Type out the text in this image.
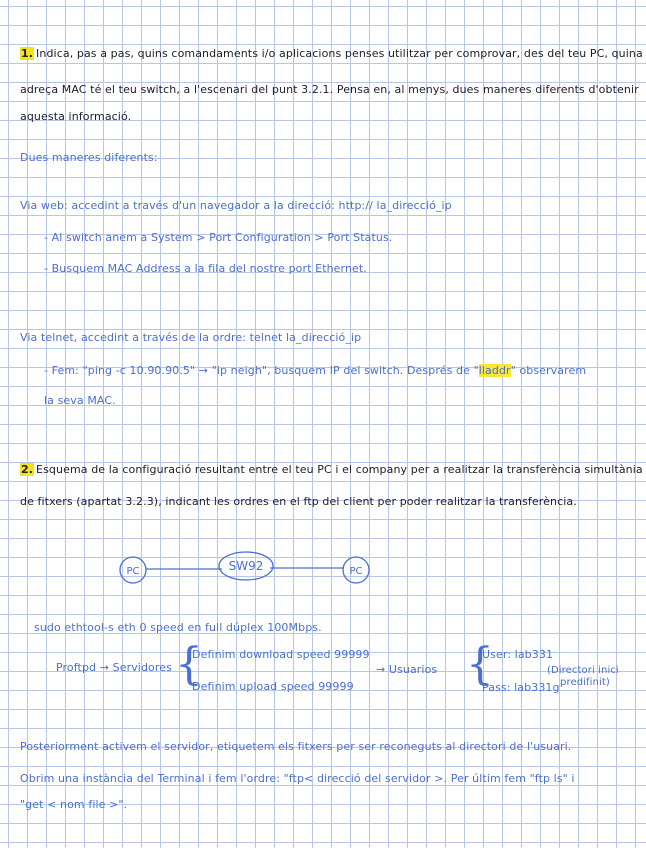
1. Indica, pas a pas, quins comandaments i/o aplicacions penses utilitzar per comprovar, des del teu PC, quina
adreça MAC té el teu switch, a l'escenari del punt 3.2.1. Pensa en, al menys, dues maneres diferents d'obtenir
aquesta informació.
Dues maneres diferents:
Via web: accedint a través d'un navegador a la direcció: http:// la_direcció_ip
- Al switch anem a System > Port Configuration > Port Status.
- Busquem MAC Address a la fila del nostre port Ethernet.
Via telnet, accedint a través de la ordre: telnet la_direcció_ip
- Fem: "ping -c 10.90.90.5" → "ip neigh", busquem IP del switch. Després de "lladdr" observarem
la seva MAC.
2. Esquema de la configuració resultant entre el teu PC i el company per a realitzar la transferència simultània
de fitxers (apartat 3.2.3), indicant les ordres en el ftp del client per poder realitzar la transferència.
PC	SW92	PC
sudo ethtool-s eth 0 speed en full dúplex 100Mbps.
Proftpd → Servidores {
Definim download speed 99999
Definim upload speed 99999
→ Usuarios {
User: lab331
Pass: lab331g
(Directori inici
predifinit)
Posteriorment activem el servidor, etiquetem els fitxers per ser reconeguts al directori de l'usuari.
Obrim una instància del Terminal i fem l'ordre: "ftp< direcció del servidor >. Per últim fem "ftp ls" i
"get < nom file >".
